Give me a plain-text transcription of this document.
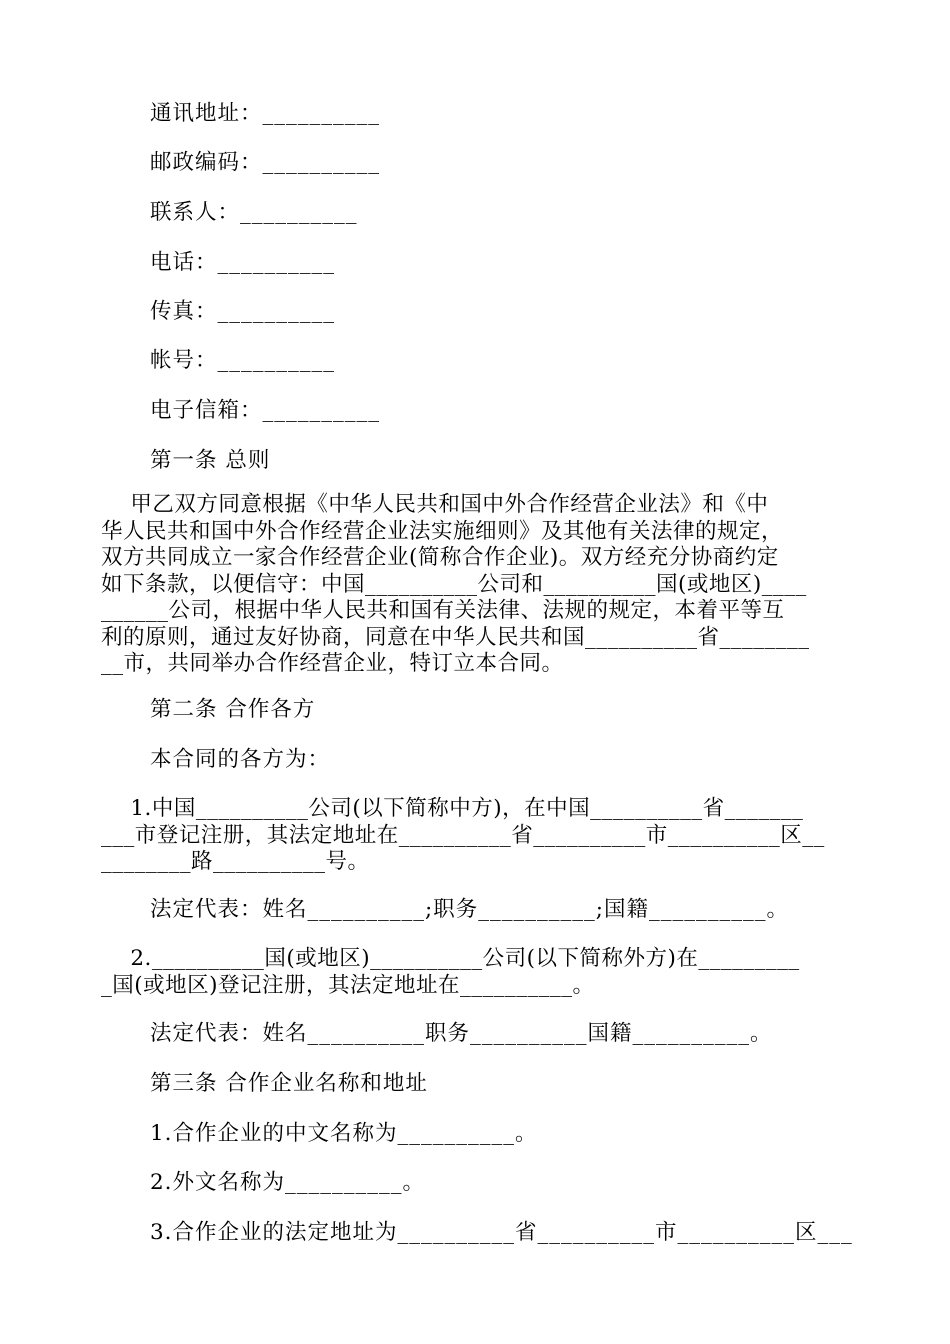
通讯地址：__________
邮政编码：__________
联系人：__________
电话：__________
传真：__________
帐号：__________
电子信箱：__________
第一条 总则
甲乙双方同意根据《中华人民共和国中外合作经营企业法》和《中
华人民共和国中外合作经营企业法实施细则》及其他有关法律的规定，
双方共同成立一家合作经营企业(简称合作企业)。双方经充分协商约定
如下条款，以便信守：中国__________公司和__________国(或地区)____
______公司，根据中华人民共和国有关法律、法规的规定，本着平等互
利的原则，通过友好协商，同意在中华人民共和国__________省________
__市，共同举办合作经营企业，特订立本合同。
第二条 合作各方
本合同的各方为：
1.中国__________公司(以下简称中方)，在中国__________省_______
___市登记注册，其法定地址在__________省__________市__________区__
________路__________号。
法定代表：姓名__________;职务__________;国籍__________。
2.__________国(或地区)__________公司(以下简称外方)在_________
_国(或地区)登记注册，其法定地址在__________。
法定代表：姓名__________职务__________国籍__________。
第三条 合作企业名称和地址
1.合作企业的中文名称为__________。
2.外文名称为__________。
3.合作企业的法定地址为__________省__________市__________区___
